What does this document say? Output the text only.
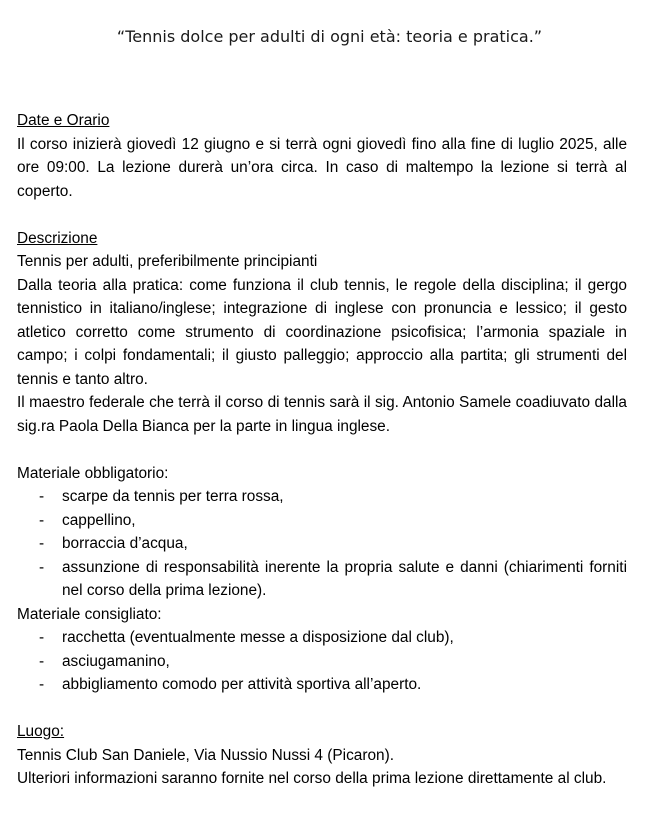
“Tennis dolce per adulti di ogni età: teoria e pratica.”
Date e Orario

Il corso inizierà giovedì 12 giugno e si terrà ogni giovedì fino alla fine di luglio 2025, alle ore 09:00. La lezione durerà un’ora circa. In caso di maltempo la lezione si terrà al coperto.

Descrizione
Tennis per adulti, preferibilmente principianti

Dalla teoria alla pratica: come funziona il club tennis, le regole della disciplina; il gergo tennistico in italiano/inglese; integrazione di inglese con pronuncia e lessico; il gesto atletico corretto come strumento di coordinazione psicofisica; l’armonia spaziale in campo; i colpi fondamentali; il giusto palleggio; approccio alla partita; gli strumenti del tennis e tanto altro.

Il maestro federale che terrà il corso di tennis sarà il sig. Antonio Samele coadiuvato dalla sig.ra Paola Della Bianca per la parte in lingua inglese.

Materiale obbligatorio:
- scarpe da tennis per terra rossa,
- cappellino,
- borraccia d’acqua,
- assunzione di responsabilità inerente la propria salute e danni (chiarimenti forniti nel corso della prima lezione).
Materiale consigliato:
- racchetta (eventualmente messe a disposizione dal club),
- asciugamanino,
- abbigliamento comodo per attività sportiva all’aperto.
Luogo:
Tennis Club San Daniele, Via Nussio Nussi 4 (Picaron).

Ulteriori informazioni saranno fornite nel corso della prima lezione direttamente al club.
